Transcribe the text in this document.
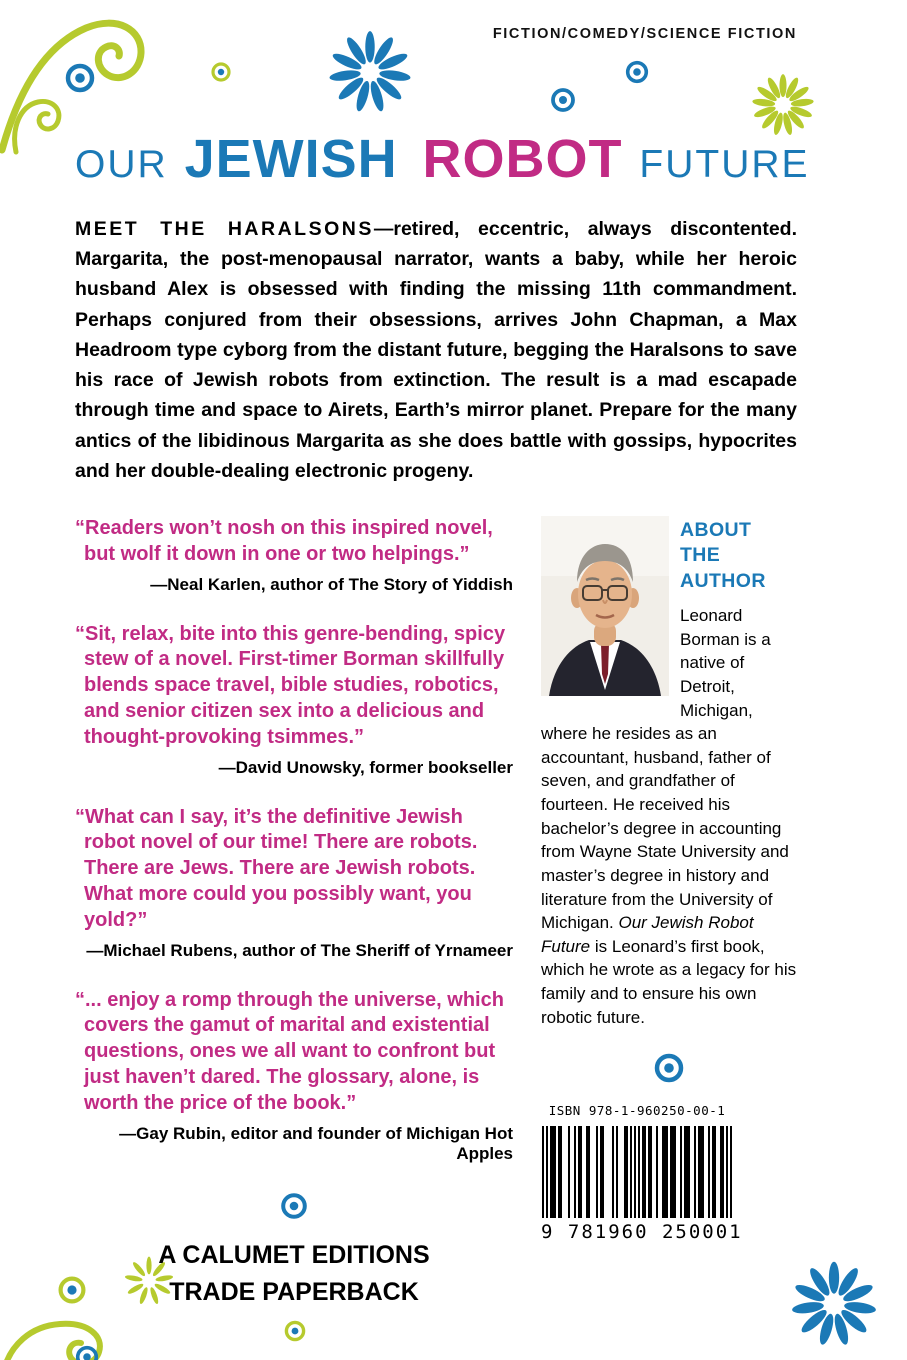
FICTION/COMEDY/SCIENCE FICTION
OUR JEWISH ROBOT FUTURE

MEET THE HARALSONS—retired, eccentric, always discontented. Margarita, the post-menopausal narrator, wants a baby, while her heroic husband Alex is obsessed with finding the missing 11th commandment. Perhaps conjured from their obsessions, arrives John Chapman, a Max Headroom type cyborg from the distant future, begging the Haralsons to save his race of Jewish robots from extinction. The result is a mad escapade through time and space to Airets, Earth’s mirror planet. Prepare for the many antics of the libidinous Margarita as she does battle with gossips, hypocrites and her double-dealing electronic progeny.

“Readers won’t nosh on this inspired novel, but wolf it down in one or two helpings.”

—Neal Karlen, author of The Story of Yiddish

“Sit, relax, bite into this genre-bending, spicy stew of a novel. First-timer Borman skillfully blends space travel, bible studies, robotics, and senior citizen sex into a delicious and thought-provoking tsimmes.”

—David Unowsky, former bookseller

“What can I say, it’s the definitive Jewish robot novel of our time! There are robots. There are Jews. There are Jewish robots. What more could you possibly want, you yold?”

—Michael Rubens, author of The Sheriff of Yrnameer

“... enjoy a romp through the universe, which covers the gamut of marital and existential questions, ones we all want to confront but just haven’t dared. The glossary, alone, is worth the price of the book.”

—Gay Rubin, editor and founder of Michigan Hot Apples

A CALUMET EDITIONS
TRADE PAPERBACK
ABOUT THE AUTHOR

Leonard Borman is a native of Detroit, Michigan, where he resides as an accountant, husband, father of seven, and grandfather of fourteen. He received his bachelor’s degree in accounting from Wayne State University and master’s degree in history and literature from the University of Michigan. Our Jewish Robot Future is Leonard’s first book, which he wrote as a legacy for his family and to ensure his own robotic future.

ISBN 978-1-960250-00-1
9 781960 250001
